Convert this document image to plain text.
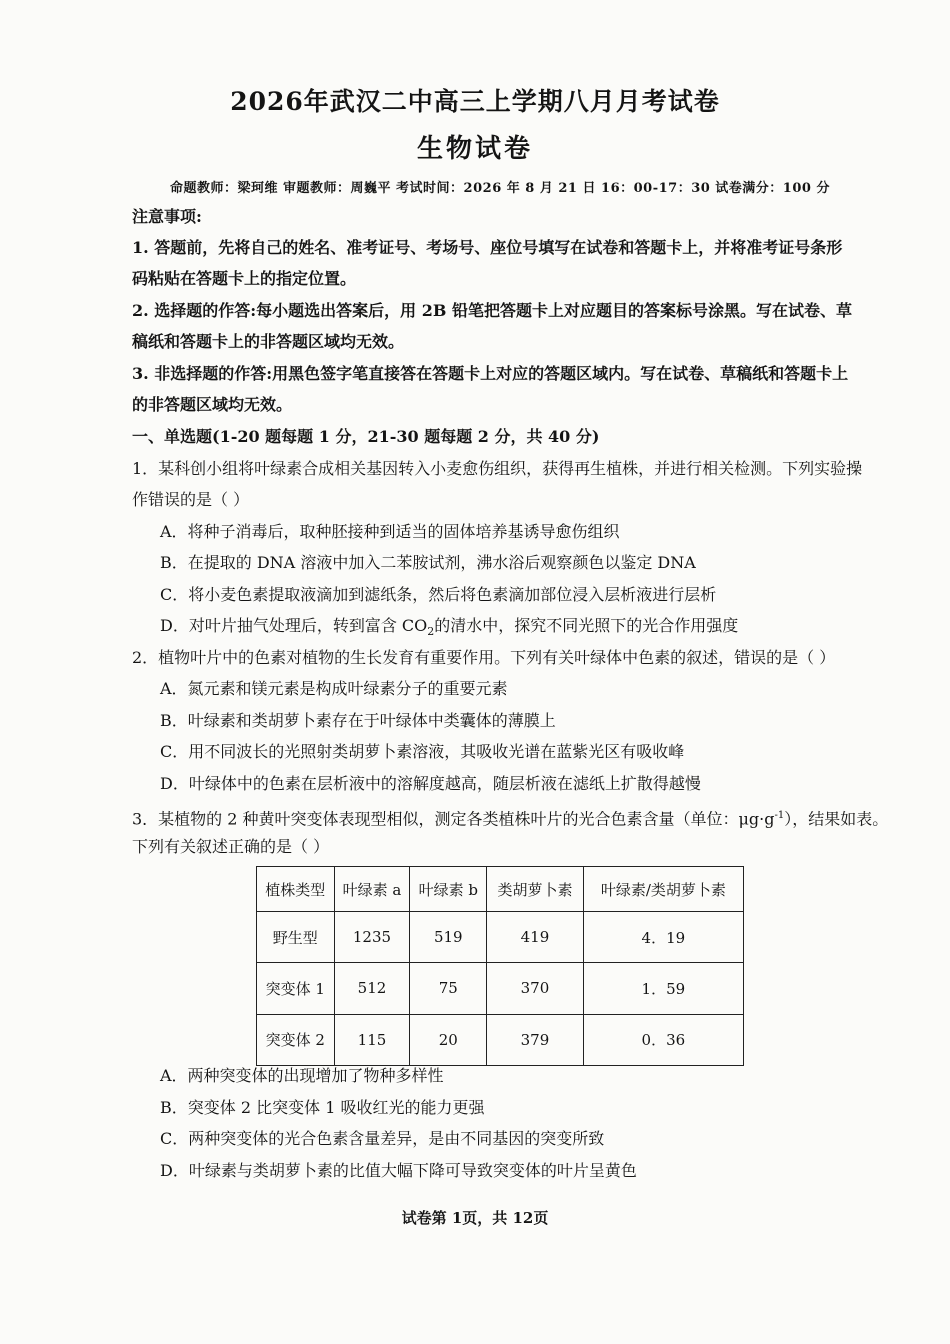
2026年武汉二中高三上学期八月月考试卷
生物试卷
命题教师：梁珂维 审题教师：周巍平 考试时间：2026 年 8 月 21 日 16：00-17：30 试卷满分：100 分
注意事项:
1. 答题前，先将自己的姓名、准考证号、考场号、座位号填写在试卷和答题卡上，并将准考证号条形
码粘贴在答题卡上的指定位置。
2. 选择题的作答:每小题选出答案后，用 2B 铅笔把答题卡上对应题目的答案标号涂黑。写在试卷、草
稿纸和答题卡上的非答题区域均无效。
3. 非选择题的作答:用黑色签字笔直接答在答题卡上对应的答题区域内。写在试卷、草稿纸和答题卡上
的非答题区域均无效。
一、单选题(1-20 题每题 1 分，21-30 题每题 2 分，共 40 分)
1．某科创小组将叶绿素合成相关基因转入小麦愈伤组织，获得再生植株，并进行相关检测。下列实验操
作错误的是（ ）
A．将种子消毒后，取种胚接种到适当的固体培养基诱导愈伤组织
B．在提取的 DNA 溶液中加入二苯胺试剂，沸水浴后观察颜色以鉴定 DNA
C．将小麦色素提取液滴加到滤纸条，然后将色素滴加部位浸入层析液进行层析
D．对叶片抽气处理后，转到富含 $CO_2$的清水中，探究不同光照下的光合作用强度
2．植物叶片中的色素对植物的生长发育有重要作用。下列有关叶绿体中色素的叙述，错误的是（ ）
A．氮元素和镁元素是构成叶绿素分子的重要元素
B．叶绿素和类胡萝卜素存在于叶绿体中类囊体的薄膜上
C．用不同波长的光照射类胡萝卜素溶液，其吸收光谱在蓝紫光区有吸收峰
D．叶绿体中的色素在层析液中的溶解度越高，随层析液在滤纸上扩散得越慢
3．某植物的 2 种黄叶突变体表现型相似，测定各类植株叶片的光合色素含量（单位：$\mu g\cdot g^{-1}$），结果如表。
下列有关叙述正确的是（ ）
植株类型	叶绿素 a	叶绿素 b	类胡萝卜素	叶绿素/类胡萝卜素
野生型	1235	519	419	4．19
突变体 1	512	75	370	1．59
突变体 2	115	20	379	0．36
A．两种突变体的出现增加了物种多样性
B．突变体 2 比突变体 1 吸收红光的能力更强
C．两种突变体的光合色素含量差异，是由不同基因的突变所致
D．叶绿素与类胡萝卜素的比值大幅下降可导致突变体的叶片呈黄色
试卷第 1页，共 12页
